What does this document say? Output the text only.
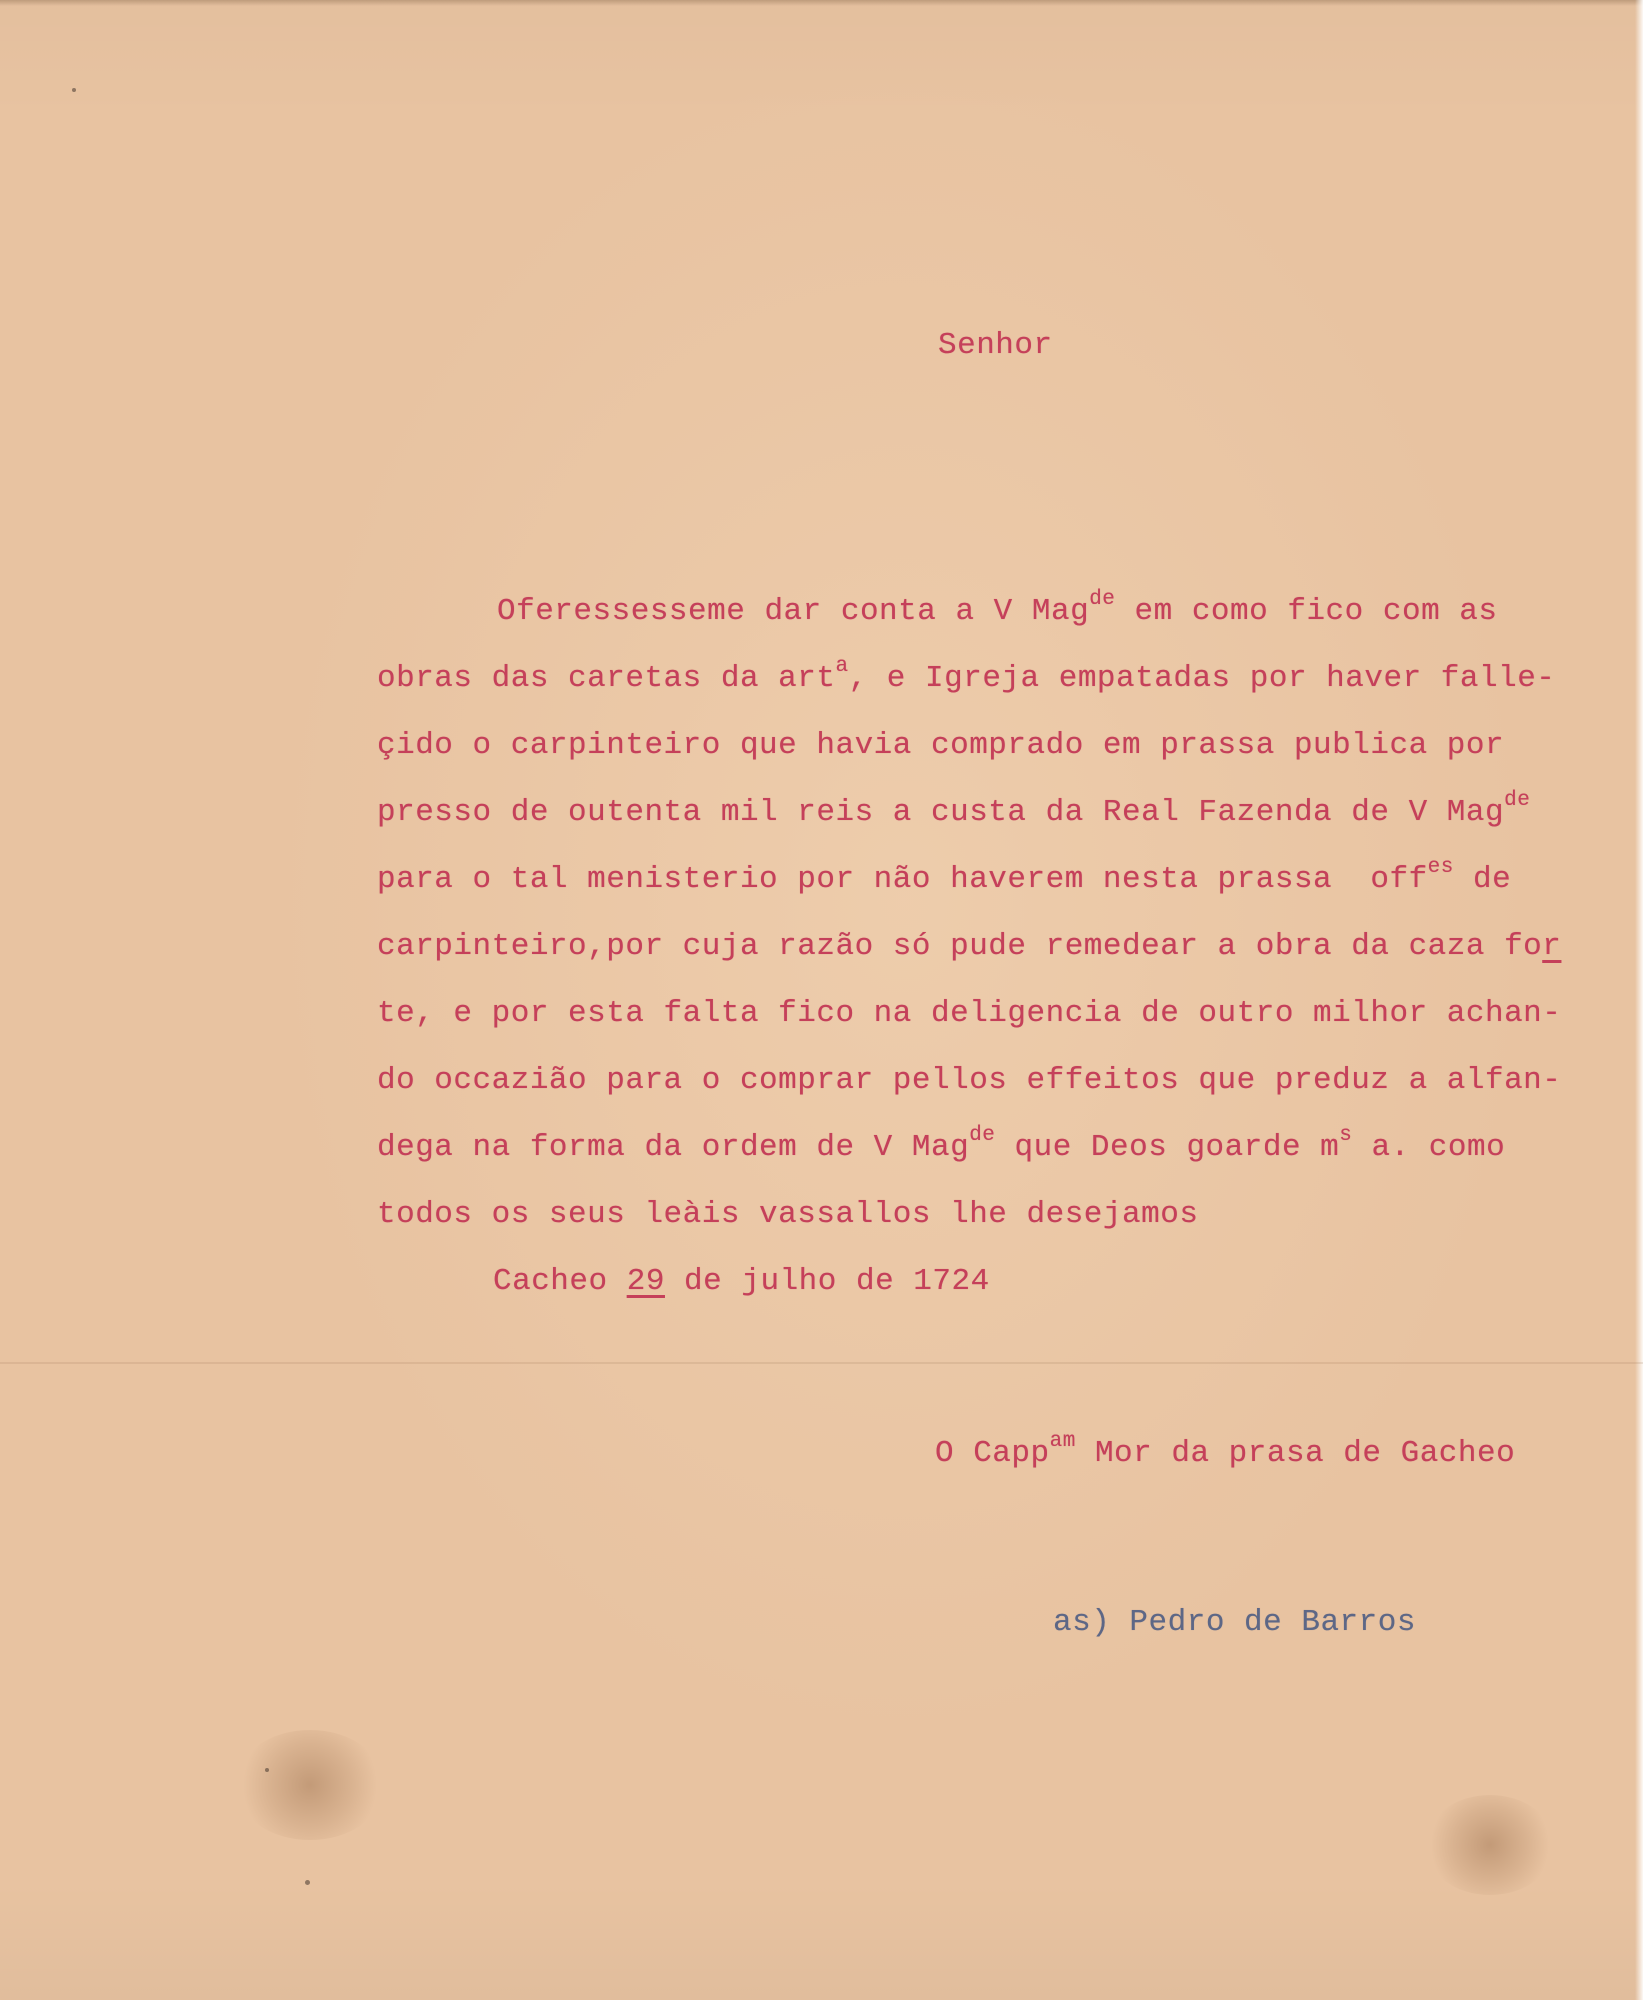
Senhor
Oferessesseme dar conta a V Mag$^{de}$ em como fico com as
obras das caretas da art$^a$, e Igreja empatadas por haver falle-
çido o carpinteiro que havia comprado em prassa publica por
presso de outenta mil reis a custa da Real Fazenda de V Mag$^{de}$
para o tal menisterio por não haverem nesta prassa  off$^{es}$ de
carpinteiro,por cuja razão só pude remedear a obra da caza for
te, e por esta falta fico na deligencia de outro milhor achan-
do occazião para o comprar pellos effeitos que preduz a alfan-
dega na forma da ordem de V Mag$^{de}$ que Deos goarde $m^s$ a. como
todos os seus leàis vassallos lhe desejamos
Cacheo 29 de julho de 1724
O Capp$^{am}$ Mor da prasa de Gacheo
as) Pedro de Barros
